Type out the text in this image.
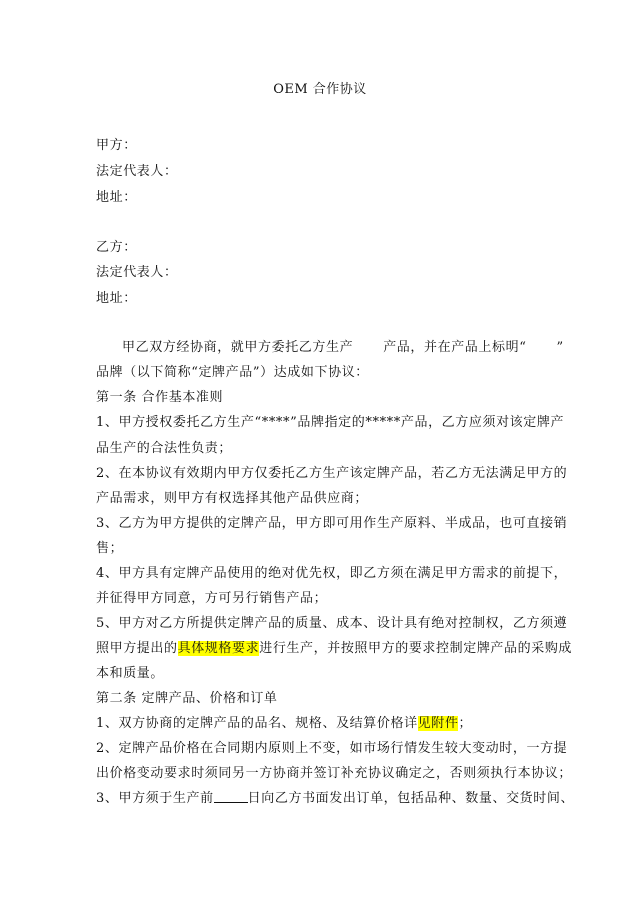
OEM 合作协议
甲方：
法定代表人：
地址：
乙方：
法定代表人：
地址：
甲乙双方经协商，就甲方委托乙方生产 产品，并在产品上标明“ ”
品牌（以下简称“定牌产品”）达成如下协议：
第一条 合作基本准则
1、甲方授权委托乙方生产“****”品牌指定的*****产品，乙方应须对该定牌产
品生产的合法性负责；
2、在本协议有效期内甲方仅委托乙方生产该定牌产品，若乙方无法满足甲方的
产品需求，则甲方有权选择其他产品供应商；
3、乙方为甲方提供的定牌产品，甲方即可用作生产原料、半成品，也可直接销
售；
4、甲方具有定牌产品使用的绝对优先权，即乙方须在满足甲方需求的前提下，
并征得甲方同意，方可另行销售产品；
5、甲方对乙方所提供定牌产品的质量、成本、设计具有绝对控制权，乙方须遵
照甲方提出的具体规格要求进行生产，并按照甲方的要求控制定牌产品的采购成
本和质量。
第二条 定牌产品、价格和订单
1、双方协商的定牌产品的品名、规格、及结算价格详见附件；
2、定牌产品价格在合同期内原则上不变，如市场行情发生较大变动时，一方提
出价格变动要求时须同另一方协商并签订补充协议确定之，否则须执行本协议；
3、甲方须于生产前	日向乙方书面发出订单，包括品种、数量、交货时间、
